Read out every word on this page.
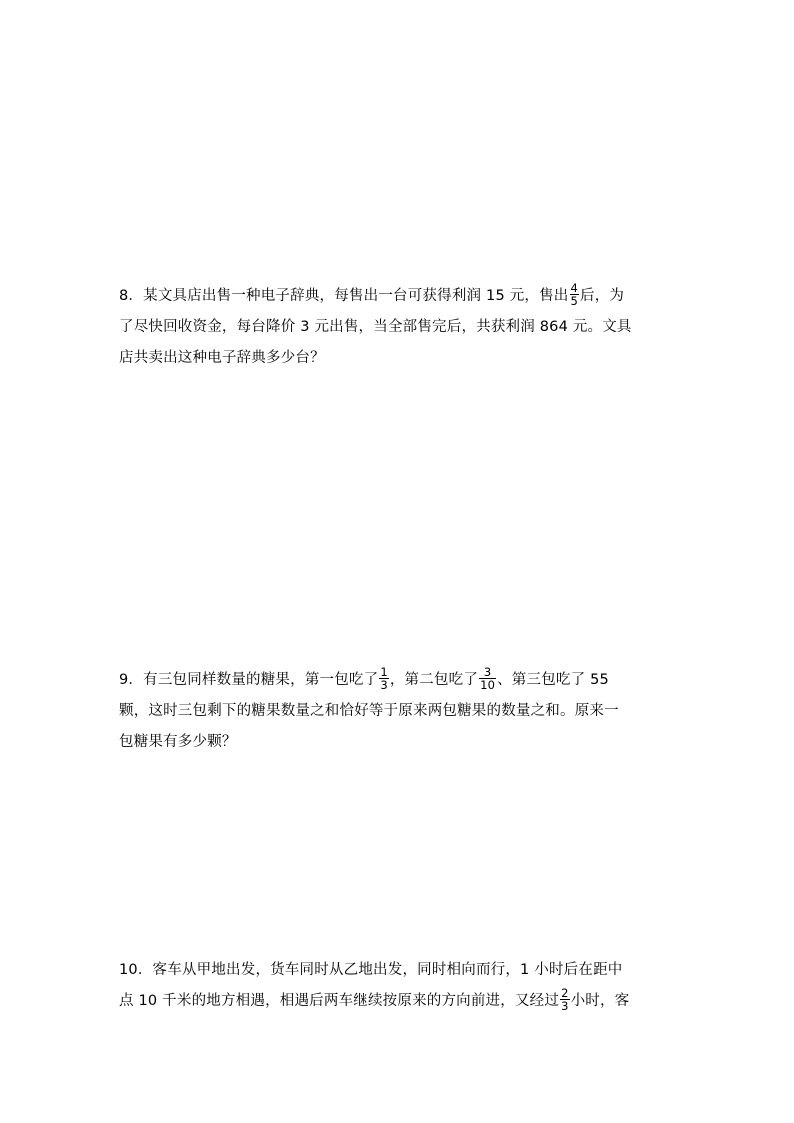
8．某文具店出售一种电子辞典，每售出一台可获得利润 15 元，售出 $\frac{4}{5}$ 后，为
了尽快回收资金，每台降价 3 元出售，当全部售完后，共获利润 864 元。文具
店共卖出这种电子辞典多少台？
9．有三包同样数量的糖果，第一包吃了 $\frac{1}{3}$ ，第二包吃了 $\frac{3}{10}$ 、第三包吃了 55
颗，这时三包剩下的糖果数量之和恰好等于原来两包糖果的数量之和。原来一
包糖果有多少颗？
10．客车从甲地出发，货车同时从乙地出发，同时相向而行，1 小时后在距中
点 10 千米的地方相遇，相遇后两车继续按原来的方向前进，又经过 $\frac{2}{3}$ 小时，客
